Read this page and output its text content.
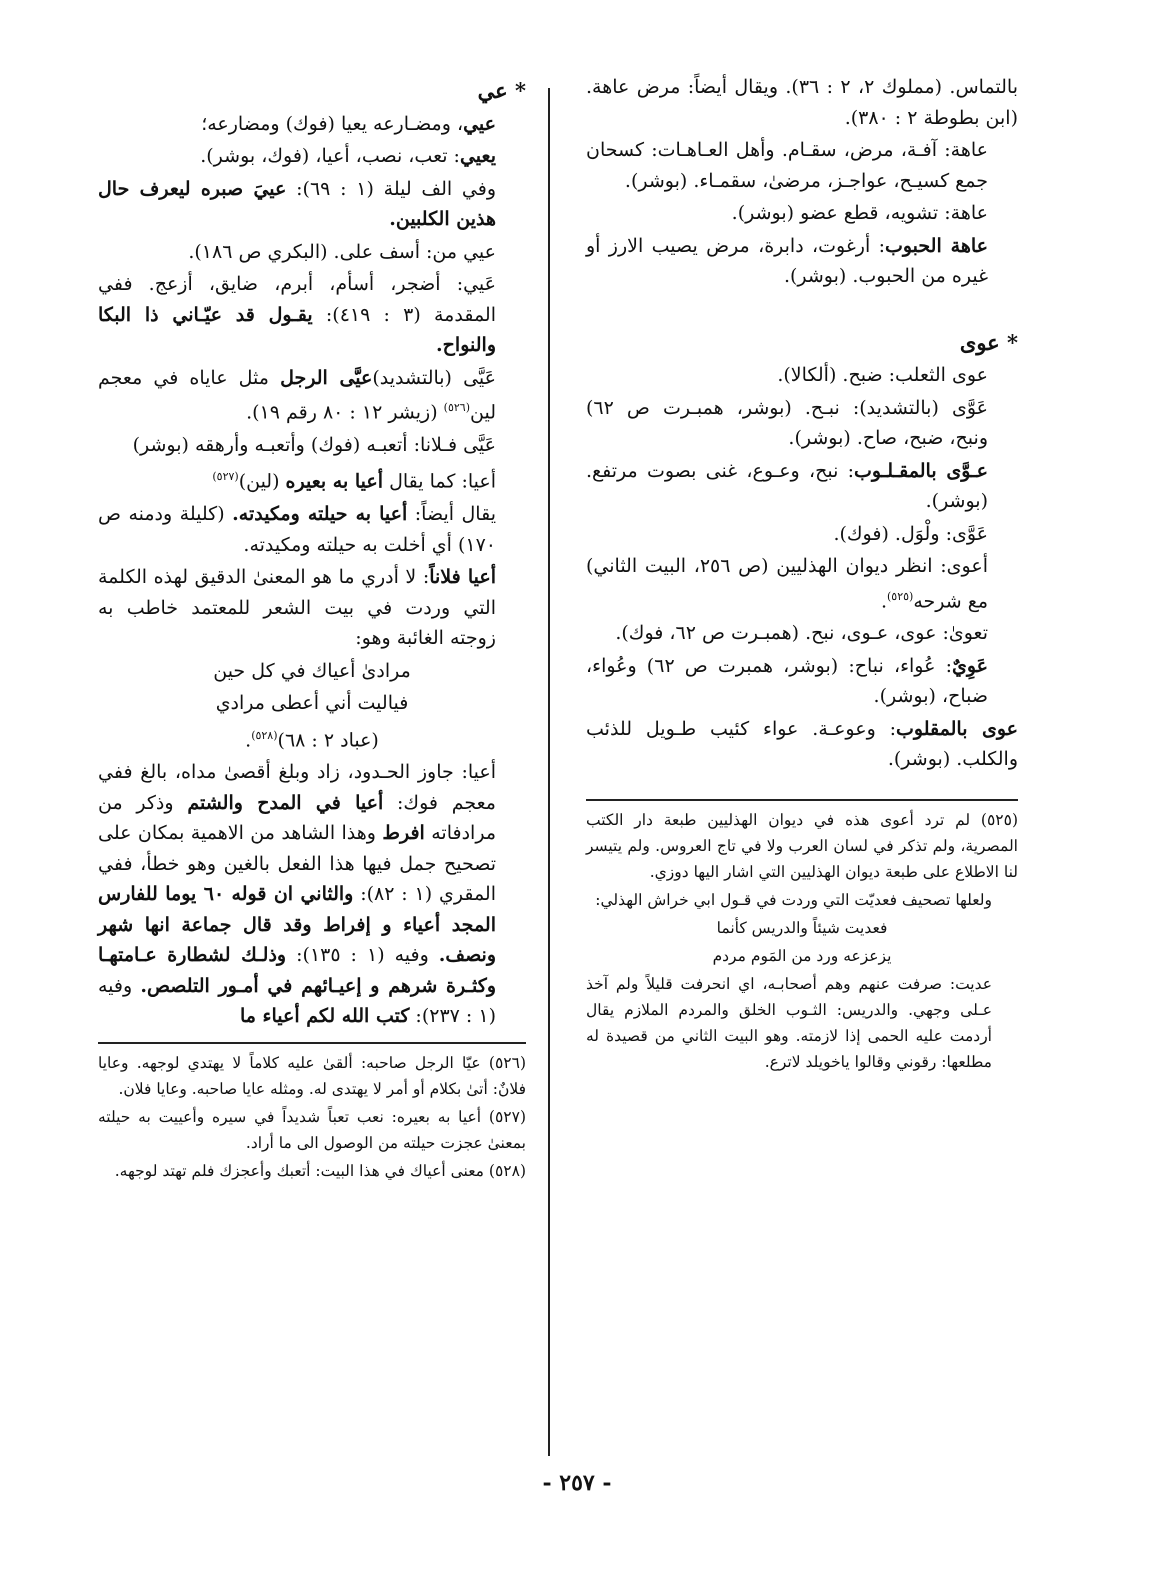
بالتماس. (مملوك ٢، ٢ : ٣٦). ويقال أيضاً: مرض عاهة. (ابن بطوطة ٢ : ٣٨٠).
عاهة: آفـة، مرض، سقـام. وأهل العـاهـات: كسحان جمع كسيـح، عواجـز، مرضىٰ، سقمـاء. (بوشر).
عاهة: تشويه، قطع عضو (بوشر).
عاهة الحبوب: أرغوت، دابرة، مرض يصيب الارز أو غيره من الحبوب. (بوشر).
* عوى
عوى الثعلب: ضبح. (ألكالا).
عَوَّى (بالتشديد): نبـح. (بوشر، همبـرت ص ٦٢) ونبح، ضبح، صاح. (بوشر).
عـوَّى بالمقـلـوب: نبح، وعـوع، غنى بصوت مرتفع. (بوشر).
عَوَّى: ولْوَل. (فوك).
أعوى: انظر ديوان الهذليين (ص ٢٥٦، البيت الثاني) مع شرحه$^{(٥٢٥)}$.
تعوىٰ: عوى، عـوى، نبح. (همبـرت ص ٦٢، فوك).
عَوِيٌ: عُواء، نباح: (بوشر، همبرت ص ٦٢) وعُواء، ضباح، (بوشر).
عوى بالمقلوب: وعوعـة. عواء كئيب طـويل للذئب والكلب. (بوشر).

(٥٢٥) لم ترد أعوى هذه في ديوان الهذليين طبعة دار الكتب المصرية، ولم تذكر في لسان العرب ولا في تاج العروس. ولم يتيسر لنا الاطلاع على طبعة ديوان الهذليين التي اشار اليها دوزي.

ولعلها تصحيف فعديّت التي وردت في قـول ابي خراش الهذلي:

فعديت شيئاً والدريس كأنما

يزعزعه ورد من المَوم مردم

عديت: صرفت عنهم وهم أصحابـه، اي انحرفت قليلاً ولم آخذ عـلى وجهي. والدريس: الثـوب الخلق والمردم الملازم يقال أردمت عليه الحمى إذا لازمته. وهو البيت الثاني من قصيدة له مطلعها: رقوني وقالوا ياخويلد لاترع.

* عي
عيي، ومضـارعه يعيا (فوك) ومضارعه؛
يعيي: تعب، نصب، أعيا، (فوك، بوشر).
وفي الف ليلة (١ : ٦٩): عييَ صبره ليعرف حال هذين الكلبين.
عيي من: أسف على. (البكري ص ١٨٦).
عَيي: أضجر، أسأم، أبرم، ضايق، أزعج. ففي المقدمة (٣ : ٤١٩): يقـول قد عيّـاني ذا البكا والنواح.
عَيَّى (بالتشديد)عيَّى الرجل مثل عاياه في معجم لين$^{(٥٢٦)}$ (زيشر ١٢ : ٨٠ رقم ١٩).
عَيَّى فـلانا: أتعبـه (فوك) وأتعبـه وأرهقه (بوشر)
أعيا: كما يقال أعيا به بعيره (لين)$^{(٥٢٧)}$
يقال أيضاً: أعيا به حيلته ومكيدته. (كليلة ودمنه ص ١٧٠) أي أخلت به حيلته ومكيدته.
أعيا فلاناً: لا أدري ما هو المعنىٰ الدقيق لهذه الكلمة التي وردت في بيت الشعر للمعتمد خاطب به زوجته الغائبة وهو:
مرادىٰ أعياك في كل حين
فياليت أني أعطى مرادي
(عباد ٢ : ٦٨)$^{(٥٢٨)}$.
أعيا: جاوز الحـدود، زاد وبلغ أقصىٰ مداه، بالغ ففي معجم فوك: أعيا في المدح والشتم وذكر من مرادفاته افرط وهذا الشاهد من الاهمية بمكان على تصحيح جمل فيها هذا الفعل بالغين وهو خطأ، ففي المقري (١ : ٨٢): والثاني ان قوله ٦٠ يوما للفارس المجد أعياء و إفراط وقد قال جماعة انها شهر ونصف. وفيه (١ : ١٣٥): وذلـك لشطارة عـامتهـا وكثـرة شرهم و إعيـائهم في أمـور التلصص. وفيه (١ : ٢٣٧): كتب الله لكم أعياء ما

(٥٢٦) عيّا الرجل صاحبه: ألقىٰ عليه كلاماً لا يهتدي لوجهه. وعايا فلانٌ: أتىٰ بكلام أو أمر لا يهتدى له. ومثله عايا صاحبه. وعايا فلان.

(٥٢٧) أعيا به بعيره: نعب تعباً شديداً في سيره وأعييت به حيلته بمعنىٰ عجزت حيلته من الوصول الى ما أراد.

(٥٢٨) معنى أعياك في هذا البيت: أتعبك وأعجزك فلم تهتد لوجهه.

- ٢٥٧ -
